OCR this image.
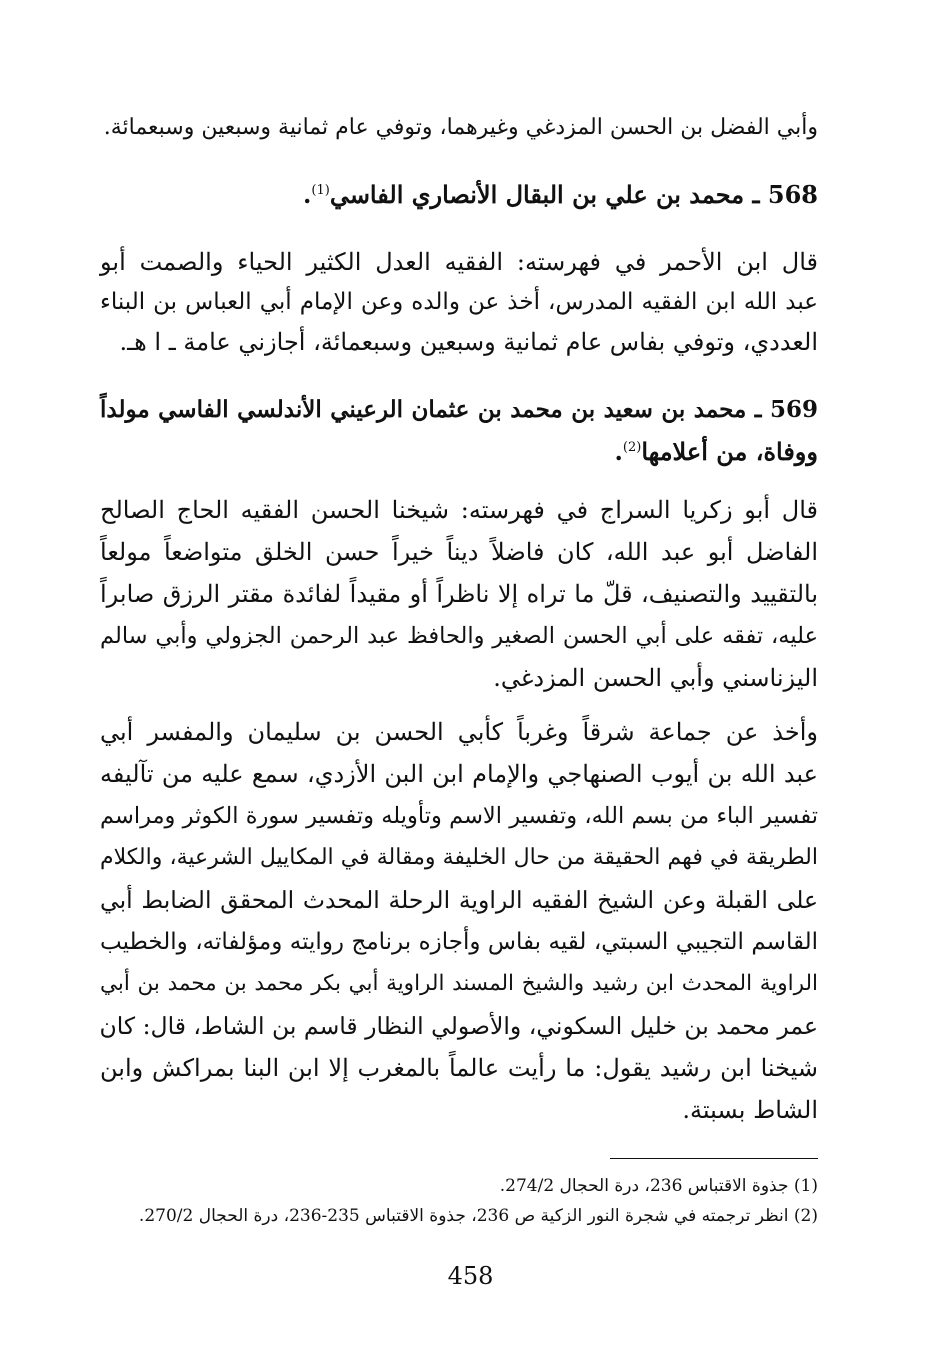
وأبي الفضل بن الحسن المزدغي وغيرهما، وتوفي عام ثمانية وسبعين وسبعمائة.
568 ـ محمد بن علي بن البقال الأنصاري الفاسي$^{(1)}$.
قال ابن الأحمر في فهرسته: الفقيه العدل الكثير الحياء والصمت أبو
عبد الله ابن الفقيه المدرس، أخذ عن والده وعن الإمام أبي العباس بن البناء
العددي، وتوفي بفاس عام ثمانية وسبعين وسبعمائة، أجازني عامة ـ ا هـ.
569 ـ محمد بن سعيد بن محمد بن عثمان الرعيني الأندلسي الفاسي مولداً
ووفاة، من أعلامها$^{(2)}$.
قال أبو زكريا السراج في فهرسته: شيخنا الحسن الفقيه الحاج الصالح
الفاضل أبو عبد الله، كان فاضلاً ديناً خيراً حسن الخلق متواضعاً مولعاً
بالتقييد والتصنيف، قلّ ما تراه إلا ناظراً أو مقيداً لفائدة مقتر الرزق صابراً
عليه، تفقه على أبي الحسن الصغير والحافظ عبد الرحمن الجزولي وأبي سالم
اليزناسني وأبي الحسن المزدغي.
وأخذ عن جماعة شرقاً وغرباً كأبي الحسن بن سليمان والمفسر أبي
عبد الله بن أيوب الصنهاجي والإمام ابن البن الأزدي، سمع عليه من تآليفه
تفسير الباء من بسم الله، وتفسير الاسم وتأويله وتفسير سورة الكوثر ومراسم
الطريقة في فهم الحقيقة من حال الخليفة ومقالة في المكاييل الشرعية، والكلام
على القبلة وعن الشيخ الفقيه الراوية الرحلة المحدث المحقق الضابط أبي
القاسم التجيبي السبتي، لقيه بفاس وأجازه برنامج روايته ومؤلفاته، والخطيب
الراوية المحدث ابن رشيد والشيخ المسند الراوية أبي بكر محمد بن محمد بن أبي
عمر محمد بن خليل السكوني، والأصولي النظار قاسم بن الشاط، قال: كان
شيخنا ابن رشيد يقول: ما رأيت عالماً بالمغرب إلا ابن البنا بمراكش وابن
الشاط بسبتة.
(1) جذوة الاقتباس 236، درة الحجال 274/2.
(2) انظر ترجمته في شجرة النور الزكية ص 236، جذوة الاقتباس 235-236، درة الحجال 270/2.
458
